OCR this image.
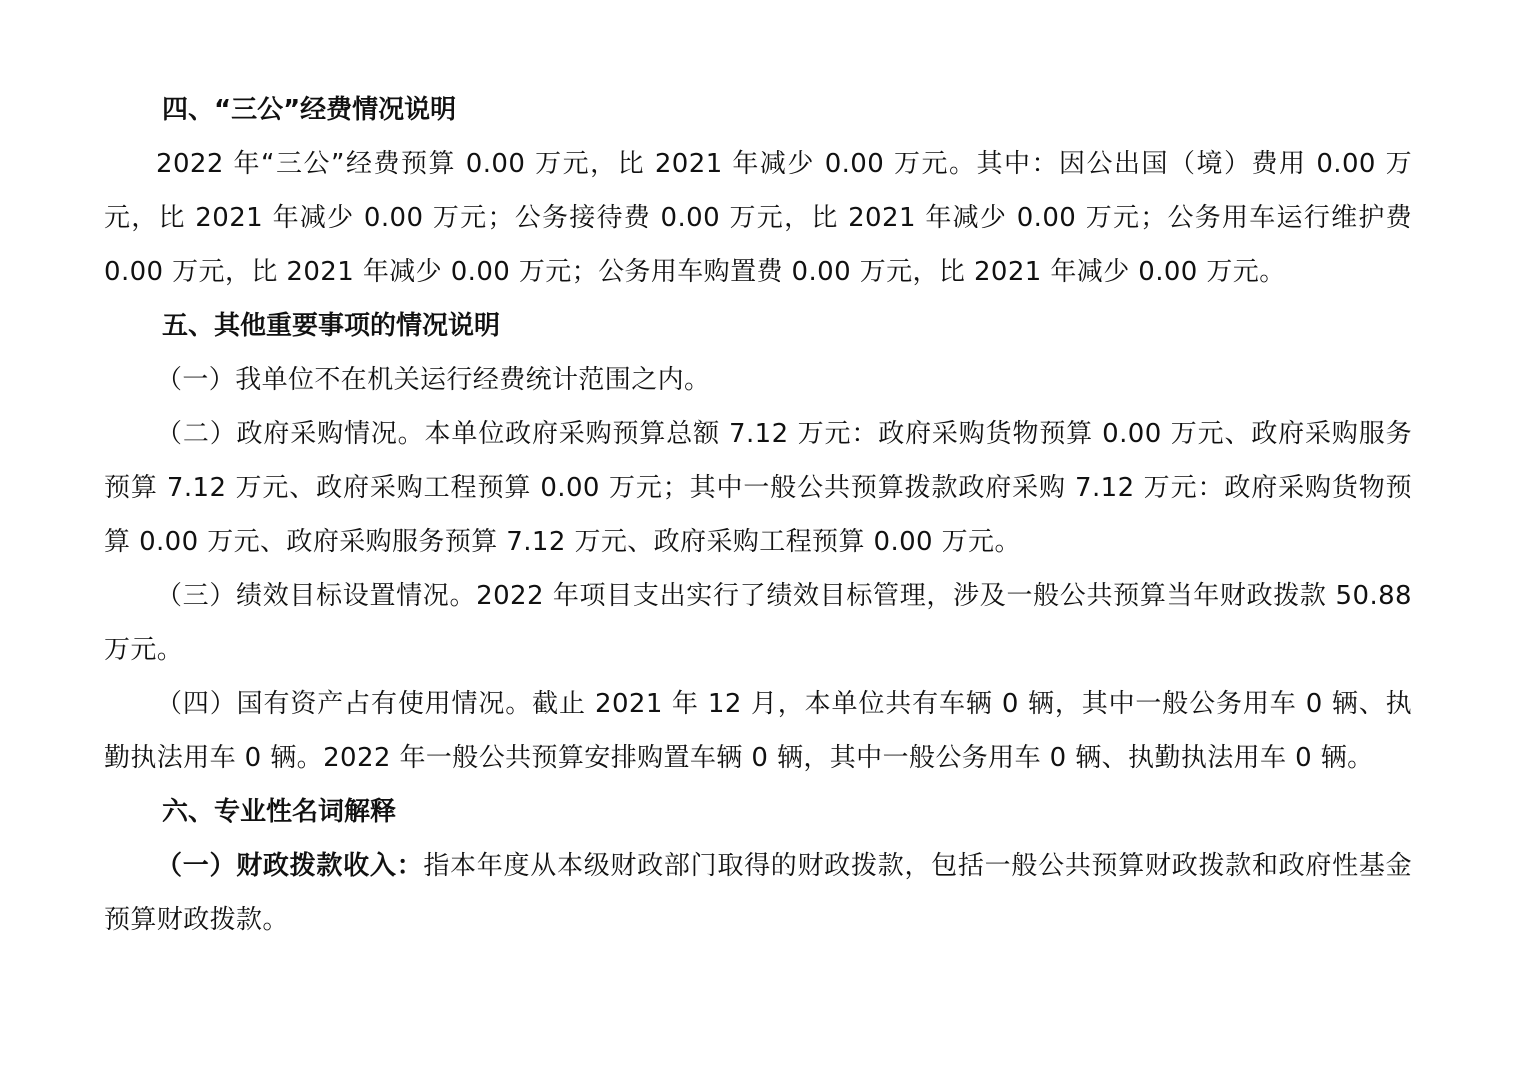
四、“三公”经费情况说明

2022 年“三公”经费预算 0.00 万元，比 2021 年减少 0.00 万元。其中：因公出国（境）费用 0.00 万元，比 2021 年减少 0.00 万元；公务接待费 0.00 万元，比 2021 年减少 0.00 万元；公务用车运行维护费 0.00 万元，比 2021 年减少 0.00 万元；公务用车购置费 0.00 万元，比 2021 年减少 0.00 万元。

五、其他重要事项的情况说明

（一）我单位不在机关运行经费统计范围之内。

（二）政府采购情况。本单位政府采购预算总额 7.12 万元：政府采购货物预算 0.00 万元、政府采购服务预算 7.12 万元、政府采购工程预算 0.00 万元；其中一般公共预算拨款政府采购 7.12 万元：政府采购货物预算 0.00 万元、政府采购服务预算 7.12 万元、政府采购工程预算 0.00 万元。

（三）绩效目标设置情况。2022 年项目支出实行了绩效目标管理，涉及一般公共预算当年财政拨款 50.88 万元。

（四）国有资产占有使用情况。截止 2021 年 12 月，本单位共有车辆 0 辆，其中一般公务用车 0 辆、执勤执法用车 0 辆。2022 年一般公共预算安排购置车辆 0 辆，其中一般公务用车 0 辆、执勤执法用车 0 辆。

六、专业性名词解释

（一）财政拨款收入：指本年度从本级财政部门取得的财政拨款，包括一般公共预算财政拨款和政府性基金预算财政拨款。
